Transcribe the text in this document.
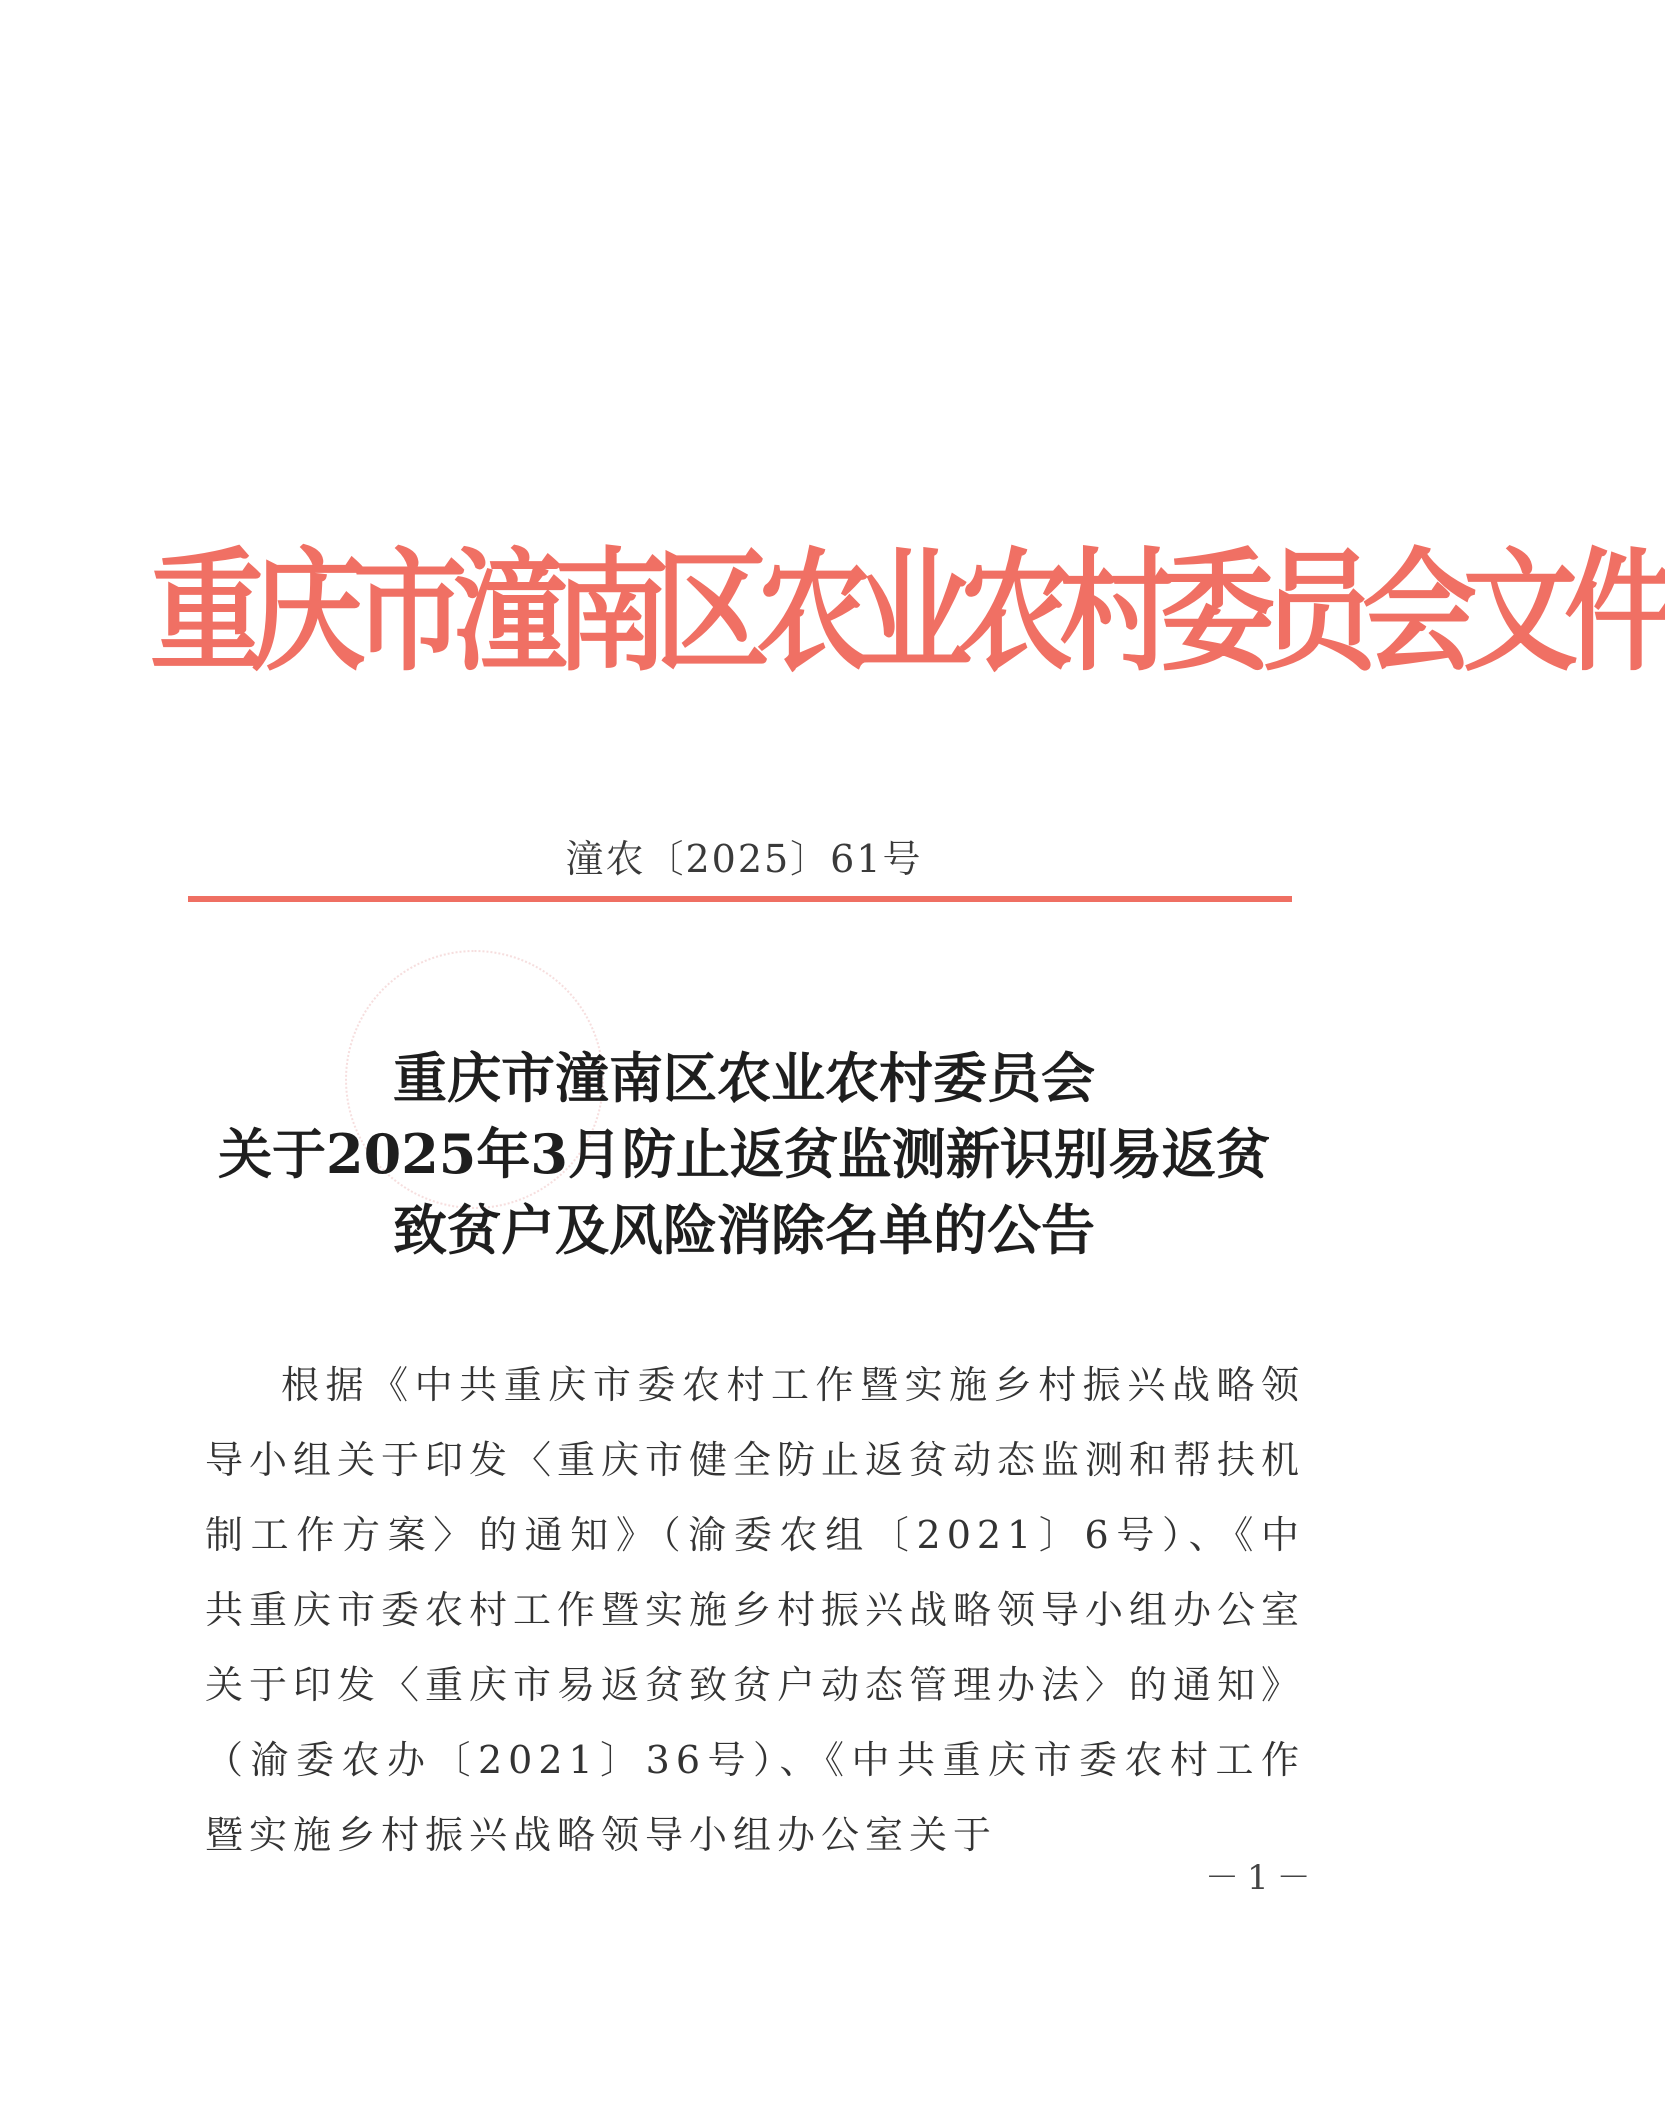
重庆市潼南区农业农村委员会文件
潼农〔2025〕61号
重庆市潼南区农业农村委员会
关于2025年3月防止返贫监测新识别易返贫
致贫户及风险消除名单的公告
根据《中共重庆市委农村工作暨实施乡村振兴战略领导小组关于印发〈重庆市健全防止返贫动态监测和帮扶机制工作方案〉的通知》（渝委农组〔2021〕6号）、《中共重庆市委农村工作暨实施乡村振兴战略领导小组办公室关于印发〈重庆市易返贫致贫户动态管理办法〉的通知》（渝委农办〔2021〕36号）、《中共重庆市委农村工作暨实施乡村振兴战略领导小组办公室关于
－1－
